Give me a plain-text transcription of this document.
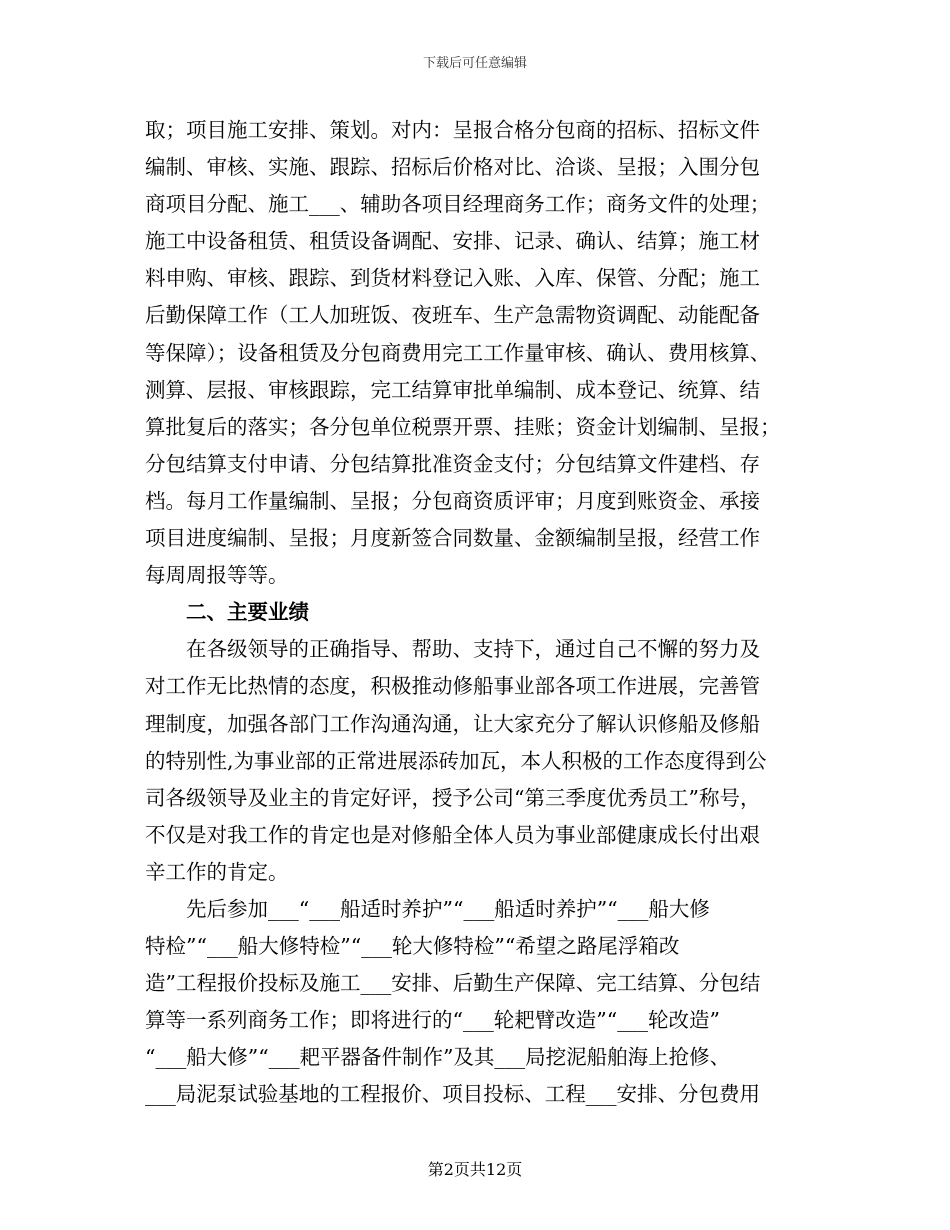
下载后可任意编辑
取；项目施工安排、策划。对内：呈报合格分包商的招标、招标文件
编制、审核、实施、跟踪、招标后价格对比、洽谈、呈报；入围分包
商项目分配、施工___、辅助各项目经理商务工作；商务文件的处理；
施工中设备租赁、租赁设备调配、安排、记录、确认、结算；施工材
料申购、审核、跟踪、到货材料登记入账、入库、保管、分配；施工
后勤保障工作（工人加班饭、夜班车、生产急需物资调配、动能配备
等保障）；设备租赁及分包商费用完工工作量审核、确认、费用核算、
测算、层报、审核跟踪，完工结算审批单编制、成本登记、统算、结
算批复后的落实；各分包单位税票开票、挂账；资金计划编制、呈报；
分包结算支付申请、分包结算批准资金支付；分包结算文件建档、存
档。每月工作量编制、呈报；分包商资质评审；月度到账资金、承接
项目进度编制、呈报；月度新签合同数量、金额编制呈报，经营工作
每周周报等等。
二、主要业绩
在各级领导的正确指导、帮助、支持下，通过自己不懈的努力及
对工作无比热情的态度，积极推动修船事业部各项工作进展，完善管
理制度，加强各部门工作沟通沟通，让大家充分了解认识修船及修船
的特别性,为事业部的正常进展添砖加瓦，本人积极的工作态度得到公
司各级领导及业主的肯定好评，授予公司“第三季度优秀员工”称号，
不仅是对我工作的肯定也是对修船全体人员为事业部健康成长付出艰
辛工作的肯定。
先后参加___“___船适时养护”“___船适时养护”“___船大修
特检”“___船大修特检”“___轮大修特检”“希望之路尾浮箱改
造”工程报价投标及施工___安排、后勤生产保障、完工结算、分包结
算等一系列商务工作；即将进行的“___轮耙臂改造”“___轮改造”
“___船大修”“___耙平器备件制作”及其___局挖泥船舶海上抢修、
___局泥泵试验基地的工程报价、项目投标、工程___安排、分包费用
第2页共12页
